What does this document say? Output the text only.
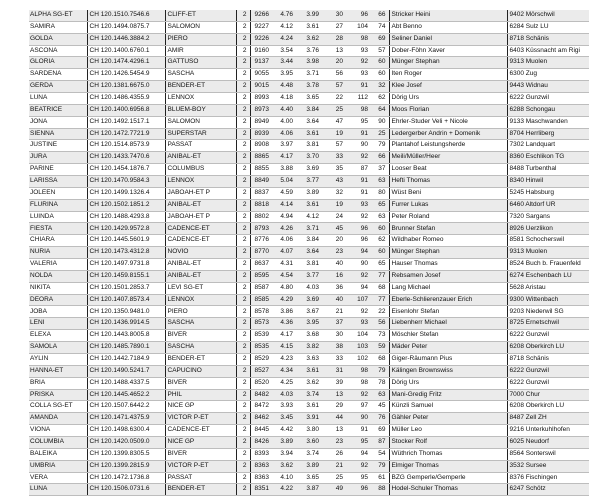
ALPHA SG-ET	CH 120.1510.7546.6	CLIFF-ET	2	9266	4.76	3.99	30	96	66	Stricker Heini	9402 Mörschwil
SAMIRA	CH 120.1494.0875.7	SALOMON	2	9227	4.12	3.61	27	104	74	Abt Benno	6284 Sulz LU
GOLDA	CH 120.1446.3884.2	PIERO	2	9226	4.24	3.62	28	98	69	Seliner Daniel	8718 Schänis
ASCONA	CH 120.1400.6760.1	AMIR	2	9160	3.54	3.76	13	93	57	Dober-Föhn Xaver	6403 Küssnacht am Rigi
GLORIA	CH 120.1474.4296.1	GATTUSO	2	9137	3.44	3.98	20	92	60	Münger Stephan	9313 Muolen
SARDENA	CH 120.1426.5454.9	SASCHA	2	9055	3.95	3.71	56	93	60	Iten Roger	6300 Zug
GERDA	CH 120.1381.6675.0	BENDER-ET	2	9015	4.48	3.78	57	91	32	Klee Josef	9443 Widnau
LUNA	CH 120.1486.4355.9	LENNOX	2	8993	4.18	3.65	22	112	62	Dörig Urs	6222 Gunzwil
BEATRICE	CH 120.1400.6956.8	BLUEM-BOY	2	8973	4.40	3.84	25	98	64	Moos Florian	6288 Schongau
JONA	CH 120.1492.1517.1	SALOMON	2	8949	4.00	3.64	47	95	90	Ehrler-Studer Veli + Nicole	9133 Maschwanden
SIENNA	CH 120.1472.7721.9	SUPERSTAR	2	8939	4.06	3.61	19	91	25	Ledergerber Andrin + Domenik	8704 Herrliberg
JUSTINE	CH 120.1514.8573.9	PASSAT	2	8908	3.97	3.81	57	90	79	Plantahof Leistungsherde	7302 Landquart
JURA	CH 120.1433.7470.6	ANIBAL-ET	2	8865	4.17	3.70	33	92	66	Meili/Müller/Heer	8360 Eschlikon TG
PARINE	CH 120.1454.1876.7	COLUMBUS	2	8855	3.88	3.69	35	87	37	Looser Beat	8488 Turbenthal
LARISSA	CH 120.1470.9584.3	LENNOX	2	8849	5.04	3.77	43	91	63	Hefti Thomas	8340 Hinwil
JOLEEN	CH 120.1499.1326.4	JABOAH-ET P	2	8837	4.59	3.89	32	91	80	Wüst Beni	5245 Habsburg
FLURINA	CH 120.1502.1851.2	ANIBAL-ET	2	8818	4.14	3.61	19	93	65	Furrer Lukas	6460 Altdorf UR
LUINDA	CH 120.1488.4293.8	JABOAH-ET P	2	8802	4.94	4.12	24	92	63	Peter Roland	7320 Sargans
FIESTA	CH 120.1429.9572.8	CADENCE-ET	2	8793	4.26	3.71	45	96	60	Brunner Stefan	8926 Uerzlikon
CHIARA	CH 120.1445.5601.9	CADENCE-ET	2	8776	4.06	3.84	20	96	62	Wildhaber Romeo	8581 Schocherswil
NURIA	CH 120.1473.4312.8	NOVIO	2	8770	4.07	3.64	23	94	60	Münger Stephan	9313 Muolen
VALERIA	CH 120.1497.9731.8	ANIBAL-ET	2	8637	4.31	3.81	40	90	65	Hauser Thomas	8524 Buch b. Frauenfeld
NOLDA	CH 120.1459.8155.1	ANIBAL-ET	2	8595	4.54	3.77	16	92	77	Rebsamen Josef	6274 Eschenbach LU
NIKITA	CH 120.1501.2853.7	LEVI SG-ET	2	8587	4.80	4.03	36	94	68	Lang Michael	5628 Aristau
DEORA	CH 120.1407.8573.4	LENNOX	2	8585	4.29	3.69	40	107	77	Eberle-Schlierenzauer Erich	9300 Wittenbach
JOBA	CH 120.1350.9481.0	PIERO	2	8578	3.86	3.67	21	92	22	Eisenlohr Stefan	9203 Niederwil SG
LENI	CH 120.1436.9914.5	SASCHA	2	8573	4.36	3.95	37	93	56	Liebenherr Michael	8725 Ernetschwil
ELEXA	CH 120.1443.8005.8	BIVER	2	8539	4.17	3.68	30	104	73	Möschler Stefan	6222 Gunzwil
SAMOLA	CH 120.1485.7890.1	SASCHA	2	8535	4.15	3.82	38	103	59	Mäder Peter	6208 Oberkirch LU
AYLIN	CH 120.1442.7184.9	BENDER-ET	2	8529	4.23	3.63	33	102	68	Giger-Räumann Pius	8718 Schänis
HANNA-ET	CH 120.1490.5241.7	CAPUCINO	2	8527	4.34	3.61	31	98	79	Kälingen Brownswiss	6222 Gunzwil
BRIA	CH 120.1488.4337.5	BIVER	2	8520	4.25	3.62	39	98	78	Dörig Urs	6222 Gunzwil
PRISKA	CH 120.1445.4652.2	PHIL	2	8482	4.03	3.74	13	92	63	Mani-Gredig Fritz	7000 Chur
COLLA SG-ET	CH 120.1507.6442.2	NICE GP	2	8472	3.93	3.61	29	97	45	Künzli Samuel	6208 Oberkirch LU
AMANDA	CH 120.1471.4375.9	VICTOR P-ET	2	8462	3.45	3.91	44	90	76	Gähler Peter	8487 Zell ZH
VIONA	CH 120.1498.6300.4	CADENCE-ET	2	8445	4.42	3.80	13	91	69	Müller Leo	9216 Unterkuhlhofen
COLUMBIA	CH 120.1420.0509.0	NICE GP	2	8426	3.89	3.60	23	95	87	Stocker Rolf	6025 Neudorf
BALEIKA	CH 120.1399.8305.5	BIVER	2	8393	3.94	3.74	26	94	54	Wüthrich Thomas	8564 Sonterswil
UMBRIA	CH 120.1399.2815.9	VICTOR P-ET	2	8363	3.62	3.89	21	92	79	Elmiger Thomas	3532 Sursee
VERA	CH 120.1472.1736.8	PASSAT	2	8363	4.10	3.65	25	95	61	BZG Gemperle/Gemperle	8376 Fischingen
LUNA	CH 120.1506.0731.6	BENDER-ET	2	8351	4.22	3.87	49	96	88	Hodel-Schuler Thomas	6247 Schötz
